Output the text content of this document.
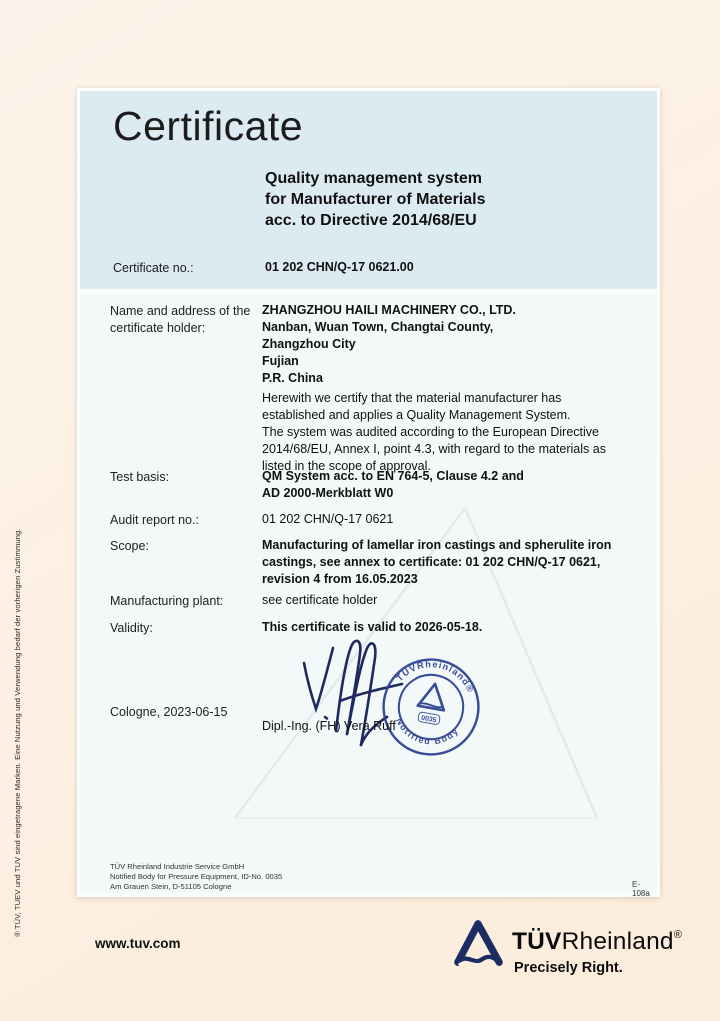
® TÜV, TUEV und TUV sind eingetragene Marken. Eine Nutzung und Verwendung bedarf der vorherigen Zustimmung.
Certificate
Quality management system
for Manufacturer of Materials
acc. to Directive 2014/68/EU
Certificate no.:	01 202 CHN/Q-17 0621.00
Name and address of the
certificate holder:
ZHANGZHOU HAILI MACHINERY CO., LTD.
Nanban, Wuan Town, Changtai County,
Zhangzhou City
Fujian
P.R. China
Herewith we certify that the material manufacturer has
established and applies a Quality Management System.
The system was audited according to the European Directive
2014/68/EU, Annex I, point 4.3, with regard to the materials as
listed in the scope of approval.
Test basis:	QM System acc. to EN 764-5, Clause 4.2 and
AD 2000-Merkblatt W0
Audit report no.:	01 202 CHN/Q-17 0621
Scope:	Manufacturing of lamellar iron castings and spherulite iron
castings, see annex to certificate: 01 202 CHN/Q-17 0621,
revision 4 from 16.05.2023
Manufacturing plant:	see certificate holder
Validity:	This certificate is valid to 2026-05-18.
Cologne, 2023-06-15
TÜVRheinland®
Notified Body
0035
Dipl.-Ing. (FH) Vera Ruff
TÜV Rheinland Industrie Service GmbH
Notified Body for Pressure Equipment, ID-No. 0035
Am Grauen Stein, D-51105 Cologne	E-108a
www.tuv.com	TÜVRheinland®
Precisely Right.
